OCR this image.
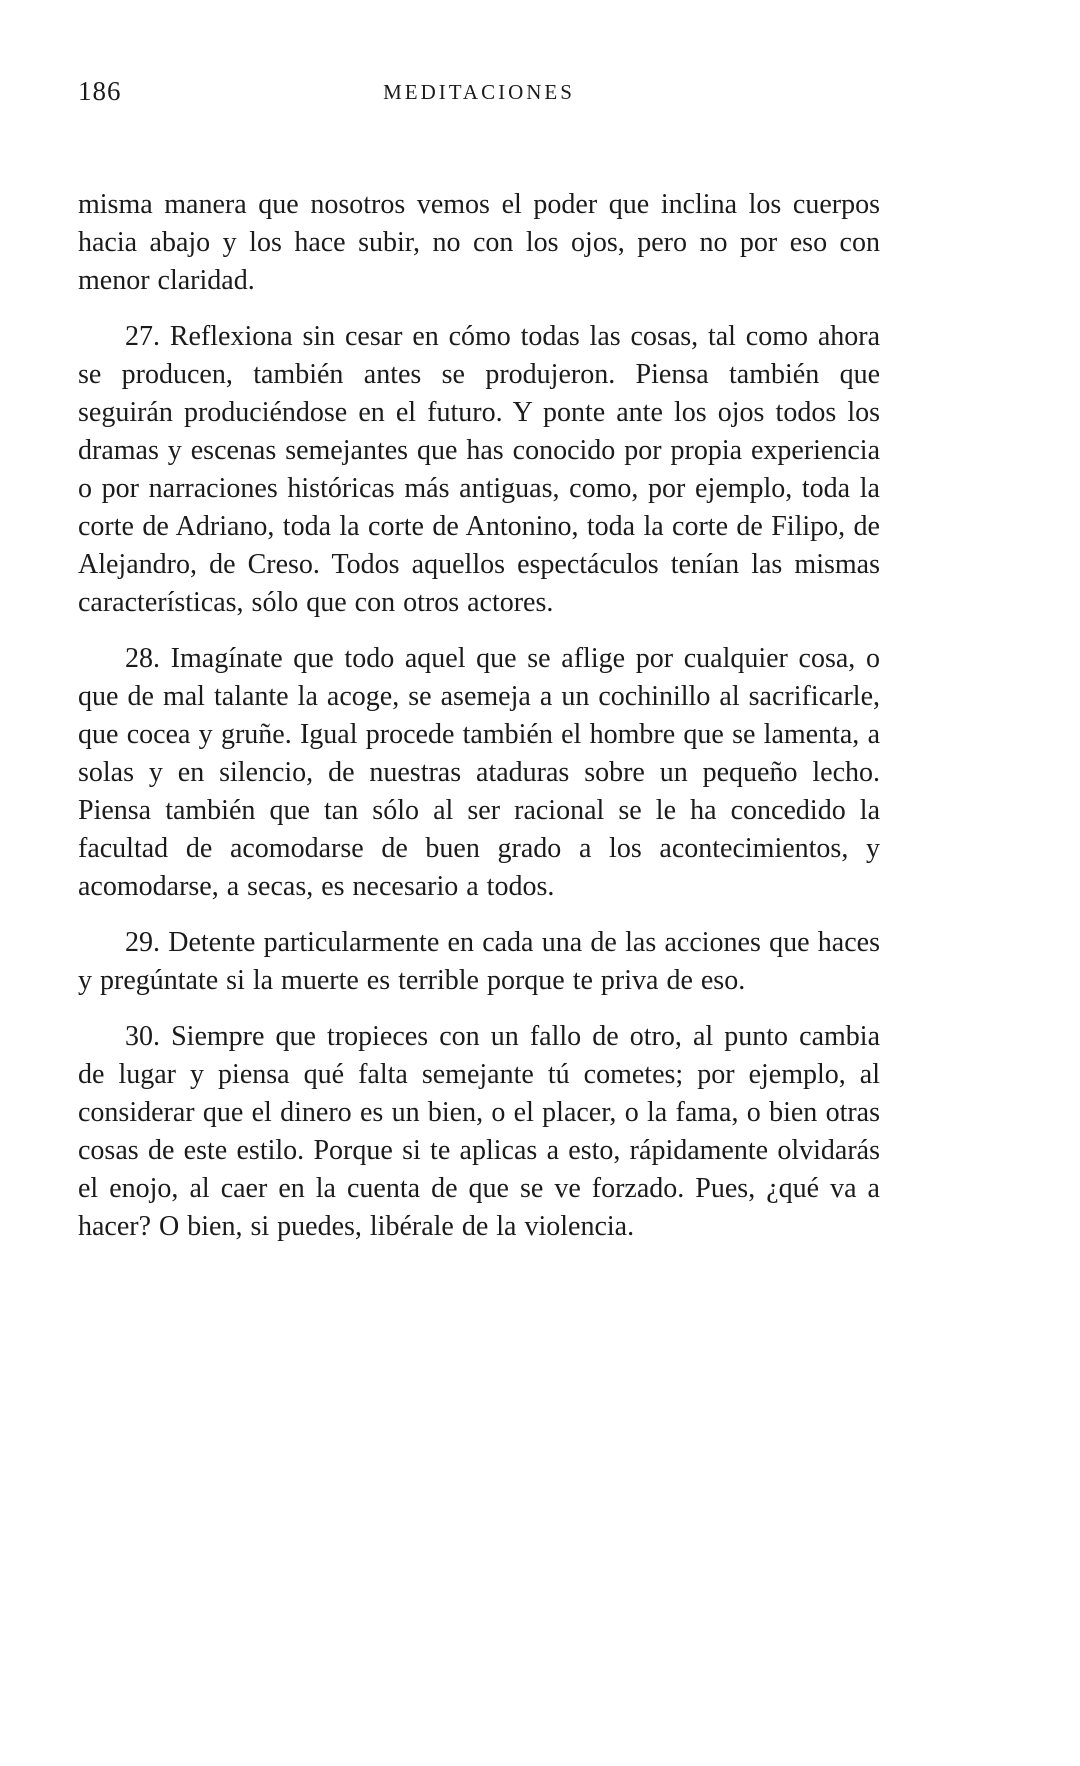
186	MEDITACIONES

misma manera que nosotros vemos el poder que inclina los cuerpos hacia abajo y los hace subir, no con los ojos, pero no por eso con menor claridad.

27. Reflexiona sin cesar en cómo todas las cosas, tal como ahora se producen, también antes se produjeron. Piensa también que seguirán produciéndose en el futuro. Y ponte ante los ojos todos los dramas y escenas semejantes que has conocido por propia experiencia o por narraciones históricas más antiguas, como, por ejemplo, toda la corte de Adriano, toda la corte de Antonino, toda la corte de Filipo, de Alejandro, de Creso. Todos aquellos espectáculos tenían las mismas características, sólo que con otros actores.

28. Imagínate que todo aquel que se aflige por cualquier cosa, o que de mal talante la acoge, se asemeja a un cochinillo al sacrificarle, que cocea y gruñe. Igual procede también el hombre que se lamenta, a solas y en silencio, de nuestras ataduras sobre un pequeño lecho. Piensa también que tan sólo al ser racional se le ha concedido la facultad de acomodarse de buen grado a los acontecimientos, y acomodarse, a secas, es necesario a todos.

29. Detente particularmente en cada una de las acciones que haces y pregúntate si la muerte es terrible porque te priva de eso.

30. Siempre que tropieces con un fallo de otro, al punto cambia de lugar y piensa qué falta semejante tú cometes; por ejemplo, al considerar que el dinero es un bien, o el placer, o la fama, o bien otras cosas de este estilo. Porque si te aplicas a esto, rápidamente olvidarás el enojo, al caer en la cuenta de que se ve forzado. Pues, ¿qué va a hacer? O bien, si puedes, libérale de la violencia.
